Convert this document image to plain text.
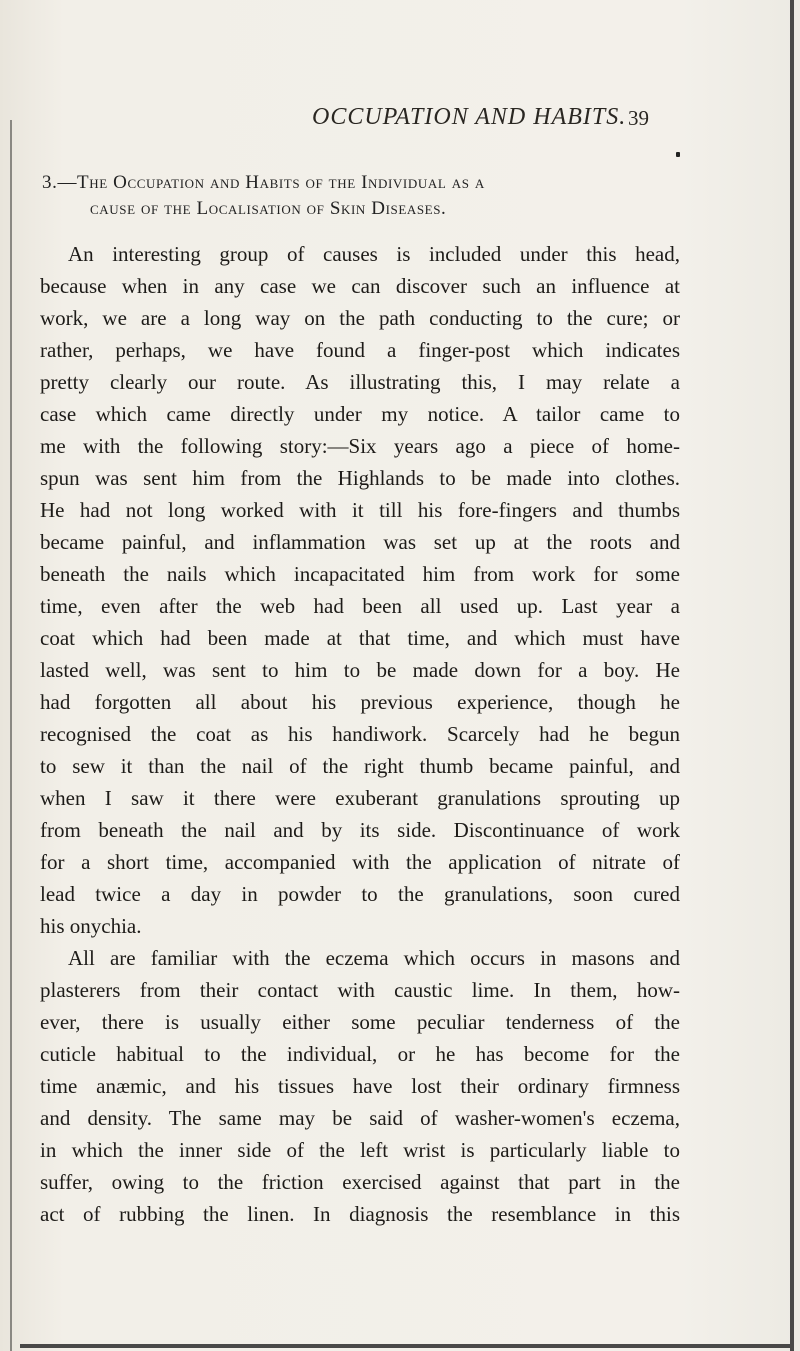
OCCUPATION AND HABITS. 39
3.—The Occupation and Habits of the Individual as a
cause of the Localisation of Skin Diseases.
An interesting group of causes is included under this head,
because when in any case we can discover such an influence at
work, we are a long way on the path conducting to the cure; or
rather, perhaps, we have found a finger-post which indicates
pretty clearly our route. As illustrating this, I may relate a
case which came directly under my notice. A tailor came to
me with the following story:—Six years ago a piece of home-
spun was sent him from the Highlands to be made into clothes.
He had not long worked with it till his fore-fingers and thumbs
became painful, and inflammation was set up at the roots and
beneath the nails which incapacitated him from work for some
time, even after the web had been all used up. Last year a
coat which had been made at that time, and which must have
lasted well, was sent to him to be made down for a boy. He
had forgotten all about his previous experience, though he
recognised the coat as his handiwork. Scarcely had he begun
to sew it than the nail of the right thumb became painful, and
when I saw it there were exuberant granulations sprouting up
from beneath the nail and by its side. Discontinuance of work
for a short time, accompanied with the application of nitrate of
lead twice a day in powder to the granulations, soon cured
his onychia.
All are familiar with the eczema which occurs in masons and
plasterers from their contact with caustic lime. In them, how-
ever, there is usually either some peculiar tenderness of the
cuticle habitual to the individual, or he has become for the
time anæmic, and his tissues have lost their ordinary firmness
and density. The same may be said of washer-women's eczema,
in which the inner side of the left wrist is particularly liable to
suffer, owing to the friction exercised against that part in the
act of rubbing the linen. In diagnosis the resemblance in this
